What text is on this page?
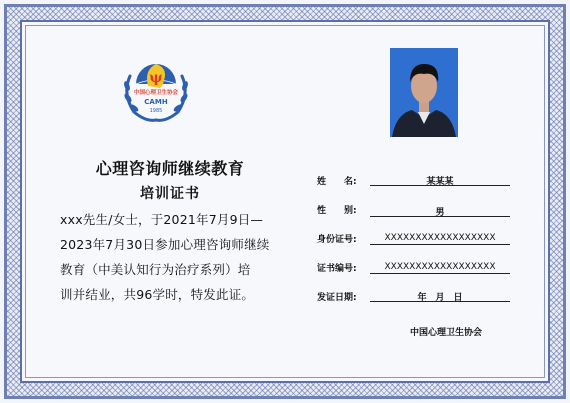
ψ
中国心理卫生协会
CAMH
1985
心理咨询师继续教育
培训证书
xxx先生/女士，于2021年7月9日—
2023年7月30日参加心理咨询师继续
教育（中美认知行为治疗系列）培
训并结业，共96学时，特发此证。
姓　　名:	某某某
性　　别:	男
身份证号:	XXXXXXXXXXXXXXXXXX
证书编号:	XXXXXXXXXXXXXXXXXX
发证日期:	年　月　日
中国心理卫生协会
